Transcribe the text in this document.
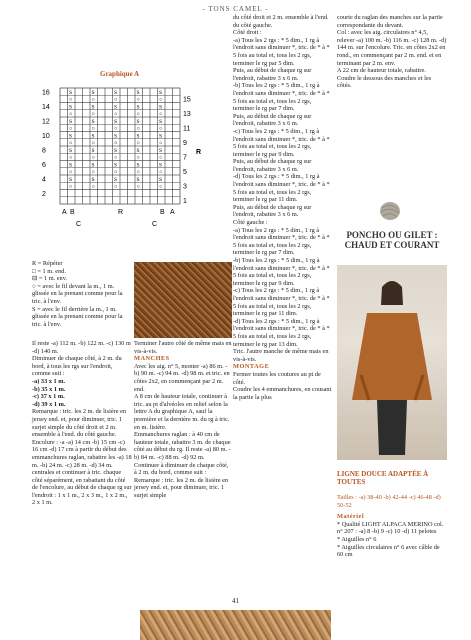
- TONS CAMEL -
Graphique A
S	S	S	S	S
○	○	○	○	○
S	S	S	S	S
○	○	○	○	○
S	S	S	S	S
○	○	○	○	○
S	S	S	S	S
○	○	○	○	○
S	S	S	S	S
○	○	○	○	○
S	S	S	S	S
○	○	○	○	○
S	S	S	S	S
○	○	○	○	○
16
14
12
10
8
6
4
2
15
13
11
9
7
5
3
1
R
A B	R	B A
C	C

R = Répéter

□ = 1 m. end.

⊟ = 1 m. env.

○ = avec le fil devant la m., 1 m. glissée en la prenant comme pour la tric. à l'env.

S = avec le fil derrière la m., 1 m. glissée en la prenant comme pour la tric. à l'env.

Il reste -a) 112 m. -b) 122 m. -c) 130 m -d) 140 m.

Diminuer de chaque côté, à 2 m. du bord, à tous les rgs sur l'endroit, comme suit :

-a) 33 x 1 m.

-b) 35 x 1 m.

-c) 37 x 1 m.

-d) 39 x 1 m.

Remarque : tric. les 2 m. de lisière en jersey end. et, pour diminuer, tric. 1 surjet simple du côté droit et 2 m. ensemble à l'end. du côté gauche.

Encolure : -a -a) 14 cm -b) 15 cm -c) 16 cm -d) 17 cm à partir du début des emmanchures raglan, rabattre les -a) 18 m. -b) 24 m. -c) 28 m. -d) 34 m. centrales et continuer à tric. chaque côté séparément, en rabattant du côté de l'encolure, au début de chaque rg sur l'endroit : 1 x 1 m., 2 x 3 m., 1 x 2 m., 2 x 1 m.

Terminer l'autre côté de même mais en vis-à-vis.

MANCHES

Avec les aig. n° 5, monter -a) 86 m. -b) 90 m. -c) 94 m. -d) 98 m. et tric. en côtes 2x2, en commençant par 2 m. end.

A 8 cm de hauteur totale, continuer à tric. au pt d'alvéoles en relief selon la lettre A du graphique A, sauf la première et la dernière m. du rg à tric. en m. lisière.

Emmanchures raglan : à 40 cm de hauteur totale, rabattre 3 m. de chaque côté au début du rg. Il reste -a) 80 m. -b) 84 m. -c) 88 m. -d) 92 m.

Continuer à diminuer de chaque côté, à 2 m. du bord, comme suit :

Remarque : tric. les 2 m. de lisière en jersey end. et, pour diminuer, tric. 1 surjet simple

du côté droit et 2 m. ensemble à l'end. du côté gauche.

Côté droit :

-a) Tous les 2 rgs : * 5 dim., 1 rg à l'endroit sans diminuer *, tric. de * à * 5 fois au total et, tous les 2 rgs, terminer le rg par 5 dim.

Puis, au début de chaque rg sur l'endroit, rabattre 3 x 6 m.

-b) Tous les 2 rgs : * 5 dim., 1 rg à l'endroit sans diminuer *, tric. de * à * 5 fois au total et, tous les 2 rgs, terminer le rg par 7 dim.

Puis, au début de chaque rg sur l'endroit, rabattre 3 x 6 m.

-c) Tous les 2 rgs : * 5 dim., 1 rg à l'endroit sans diminuer *, tric. de * à * 5 fois au total et, tous les 2 rgs, terminer le rg par 9 dim.

Puis, au début de chaque rg sur l'endroit, rabattre 3 x 6 m.

-d) Tous les 2 rgs : * 5 dim., 1 rg à l'endroit sans diminuer *, tric. de * à * 5 fois au total et, tous les 2 rgs, terminer le rg par 11 dim.

Puis, au début de chaque rg sur l'endroit, rabattre 3 x 6 m.

Côté gauche :

-a) Tous les 2 rgs : * 5 dim., 1 rg à l'endroit sans diminuer *, tric. de * à * 5 fois au total et, tous les 2 rgs, terminer le rg par 7 dim.

-b) Tous les 2 rgs : * 5 dim., 1 rg à l'endroit sans diminuer *, tric. de * à * 5 fois au total et, tous les 2 rgs, terminer le rg par 9 dim.

-c) Tous les 2 rgs : * 5 dim., 1 rg à l'endroit sans diminuer *, tric. de * à * 5 fois au total et, tous les 2 rgs, terminer le rg par 11 dim.

-d) Tous les 2 rgs : * 5 dim., 1 rg à l'endroit sans diminuer *, tric. de * à * 5 fois au total et, tous les 2 rgs, terminer le rg par 13 dim.

Tric. l'autre manche de même mais en vis-à-vis.

MONTAGE

Fermer toutes les coutures au pt de côté.

Coudre les 4 emmanchures, en cousant la partie la plus

courte du raglan des manches sur la partie correspondante du devant.

Col : avec les aig. circulaires n° 4,5, relever -a) 100 m. -b) 116 m. -c) 128 m. -d) 144 m. sur l'encolure. Tric. en côtes 2x2 en rond., en commençant par 2 m. end. et en terminant par 2 m. env.

A 22 cm de hauteur totale, rabattre.

Coudre le dessous des manches et les côtés.

PONCHO OU GILET : CHAUD ET COURANT
LIGNE DOUCE ADAPTÉE À TOUTES

Tailles : -a) 38-40 -b) 42-44 -c) 46-48 -d) 50-52

Matériel

* Qualité LIGHT ALPACA MERINO col. n° 207 : -a) 8 -b) 9 -c) 10 -d) 11 pelotes

* Aiguilles n° 6

* Aiguilles circulaires n° 6 avec câble de 60 cm

41
